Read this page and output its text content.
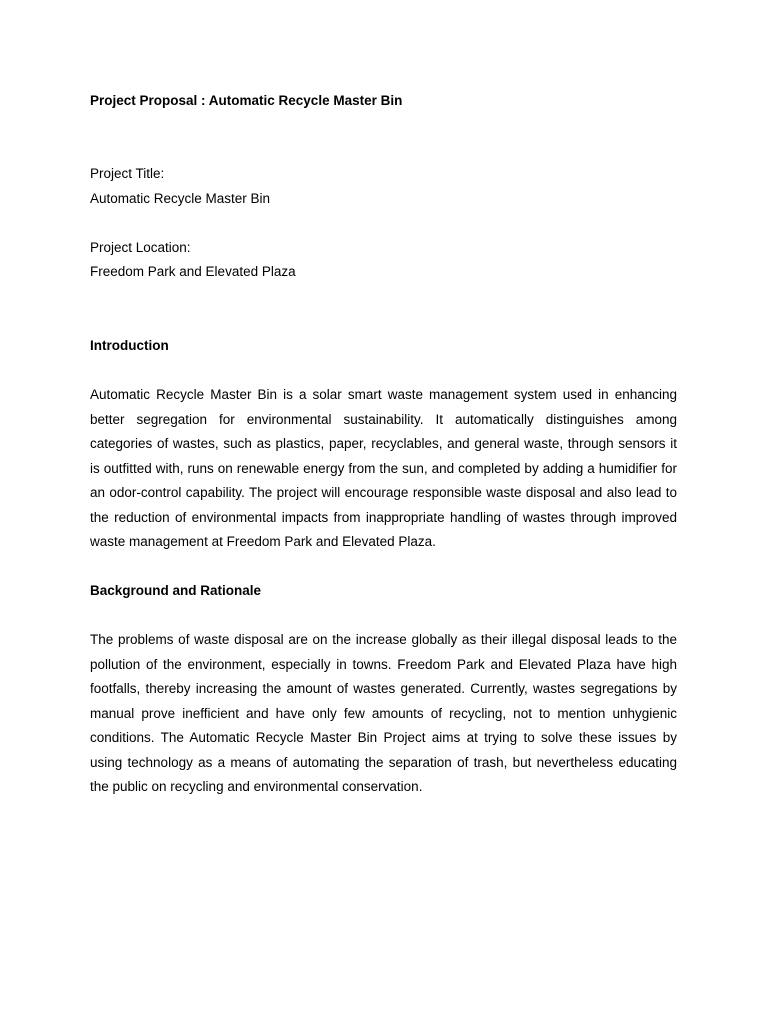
Project Proposal : Automatic Recycle Master Bin

Project Title:

Automatic Recycle Master Bin

Project Location:

Freedom Park and Elevated Plaza

Introduction

Automatic Recycle Master Bin is a solar smart waste management system used in enhancing better segregation for environmental sustainability. It automatically distinguishes among categories of wastes, such as plastics, paper, recyclables, and general waste, through sensors it is outfitted with, runs on renewable energy from the sun, and completed by adding a humidifier for an odor-control capability. The project will encourage responsible waste disposal and also lead to the reduction of environmental impacts from inappropriate handling of wastes through improved waste management at Freedom Park and Elevated Plaza.

Background and Rationale

The problems of waste disposal are on the increase globally as their illegal disposal leads to the pollution of the environment, especially in towns. Freedom Park and Elevated Plaza have high footfalls, thereby increasing the amount of wastes generated. Currently, wastes segregations by manual prove inefficient and have only few amounts of recycling, not to mention unhygienic conditions. The Automatic Recycle Master Bin Project aims at trying to solve these issues by using technology as a means of automating the separation of trash, but nevertheless educating the public on recycling and environmental conservation.
